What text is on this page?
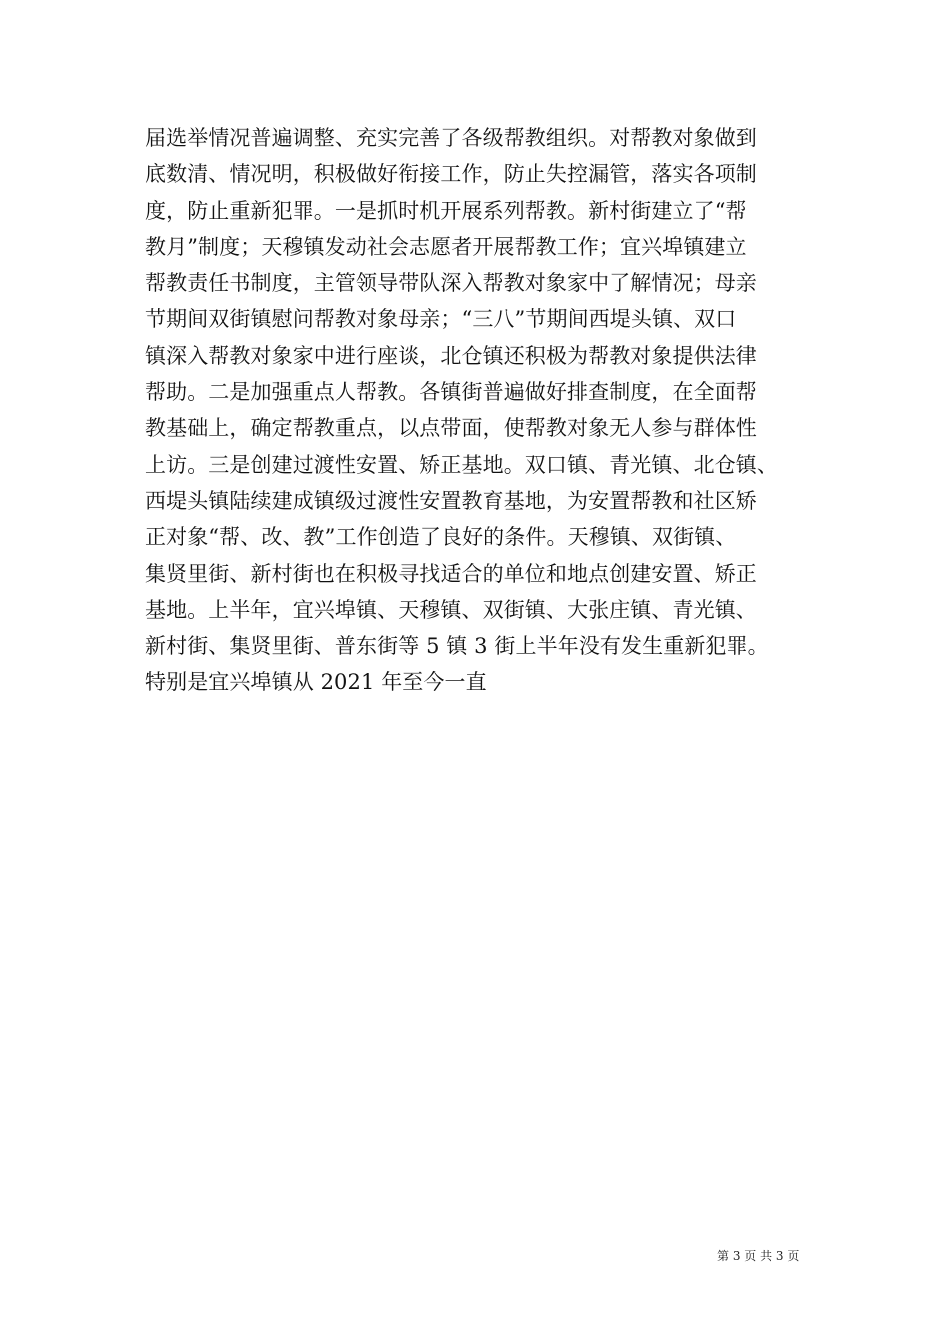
届选举情况普遍调整、充实完善了各级帮教组织。对帮教对象做到
底数清、情况明，积极做好衔接工作，防止失控漏管，落实各项制
度，防止重新犯罪。一是抓时机开展系列帮教。新村街建立了“帮
教月”制度；天穆镇发动社会志愿者开展帮教工作；宜兴埠镇建立
帮教责任书制度，主管领导带队深入帮教对象家中了解情况；母亲
节期间双街镇慰问帮教对象母亲；“三八”节期间西堤头镇、双口
镇深入帮教对象家中进行座谈，北仓镇还积极为帮教对象提供法律
帮助。二是加强重点人帮教。各镇街普遍做好排查制度，在全面帮
教基础上，确定帮教重点，以点带面，使帮教对象无人参与群体性
上访。三是创建过渡性安置、矫正基地。双口镇、青光镇、北仓镇、
西堤头镇陆续建成镇级过渡性安置教育基地，为安置帮教和社区矫
正对象“帮、改、教”工作创造了良好的条件。天穆镇、双街镇、
集贤里街、新村街也在积极寻找适合的单位和地点创建安置、矫正
基地。上半年，宜兴埠镇、天穆镇、双街镇、大张庄镇、青光镇、
新村街、集贤里街、普东街等 5 镇 3 街上半年没有发生重新犯罪。
特别是宜兴埠镇从 2021 年至今一直
第 3 页 共 3 页
